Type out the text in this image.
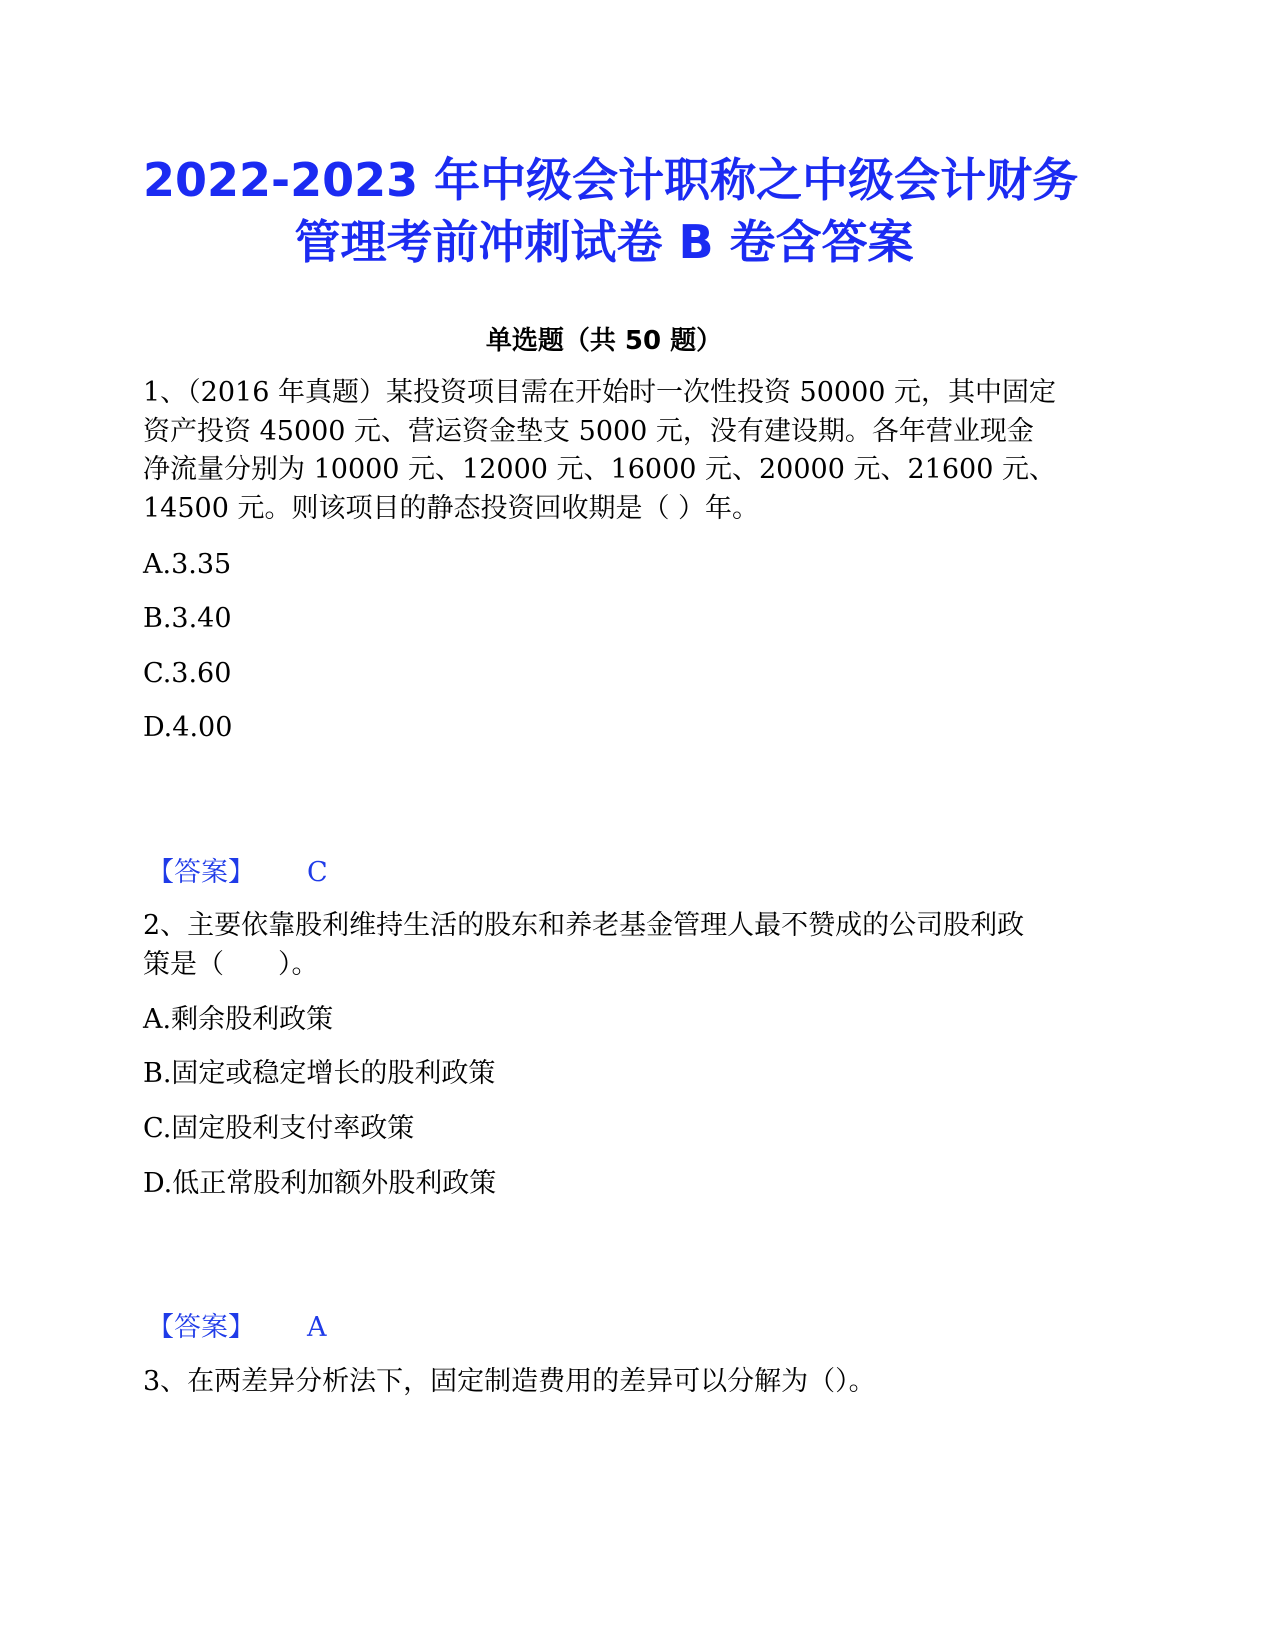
2022-2023 年中级会计职称之中级会计财务
管理考前冲刺试卷 B 卷含答案
单选题（共 50 题）
1、（2016 年真题）某投资项目需在开始时一次性投资 50000 元，其中固定
资产投资 45000 元、营运资金垫支 5000 元，没有建设期。各年营业现金
净流量分别为 10000 元、12000 元、16000 元、20000 元、21600 元、
14500 元。则该项目的静态投资回收期是（ ）年。
A.3.35
B.3.40
C.3.60
D.4.00
【答案】 C
2、主要依靠股利维持生活的股东和养老基金管理人最不赞成的公司股利政
策是（　　）。
A.剩余股利政策
B.固定或稳定增长的股利政策
C.固定股利支付率政策
D.低正常股利加额外股利政策
【答案】 A
3、在两差异分析法下，固定制造费用的差异可以分解为（）。
